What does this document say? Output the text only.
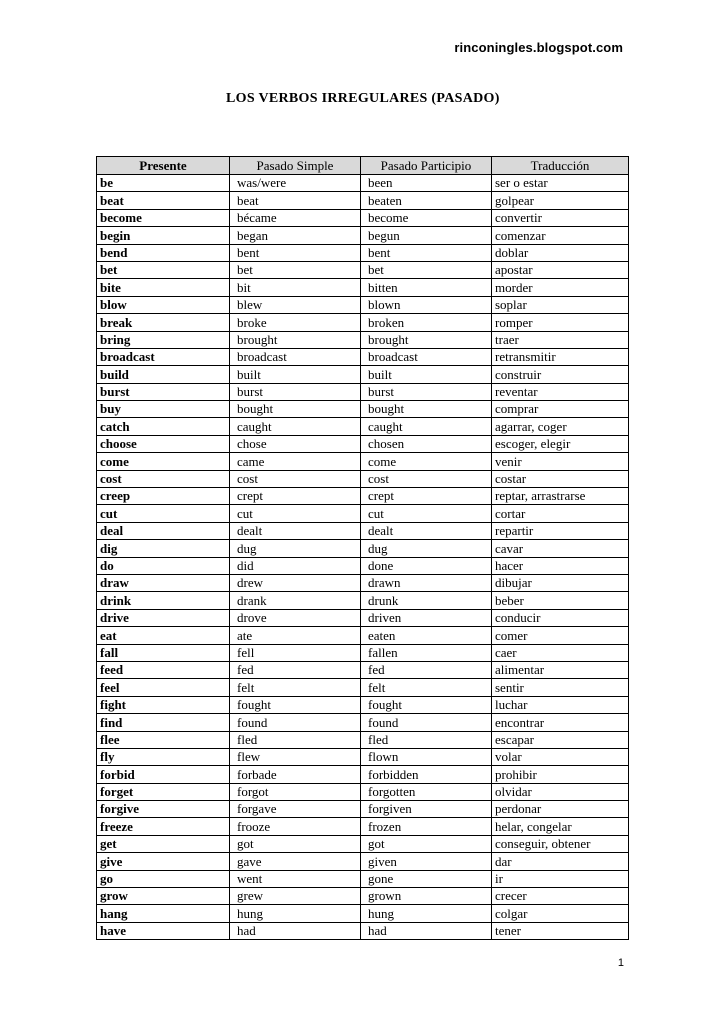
rinconingles.blogspot.com
LOS VERBOS IRREGULARES (PASADO)
Presente	Pasado Simple	Pasado Participio	Traducción
be	was/were	been	ser o estar
beat	beat	beaten	golpear
become	bécame	become	convertir
begin	began	begun	comenzar
bend	bent	bent	doblar
bet	bet	bet	apostar
bite	bit	bitten	morder
blow	blew	blown	soplar
break	broke	broken	romper
bring	brought	brought	traer
broadcast	broadcast	broadcast	retransmitir
build	built	built	construir
burst	burst	burst	reventar
buy	bought	bought	comprar
catch	caught	caught	agarrar, coger
choose	chose	chosen	escoger, elegir
come	came	come	venir
cost	cost	cost	costar
creep	crept	crept	reptar, arrastrarse
cut	cut	cut	cortar
deal	dealt	dealt	repartir
dig	dug	dug	cavar
do	did	done	hacer
draw	drew	drawn	dibujar
drink	drank	drunk	beber
drive	drove	driven	conducir
eat	ate	eaten	comer
fall	fell	fallen	caer
feed	fed	fed	alimentar
feel	felt	felt	sentir
fight	fought	fought	luchar
find	found	found	encontrar
flee	fled	fled	escapar
fly	flew	flown	volar
forbid	forbade	forbidden	prohibir
forget	forgot	forgotten	olvidar
forgive	forgave	forgiven	perdonar
freeze	frooze	frozen	helar, congelar
get	got	got	conseguir, obtener
give	gave	given	dar
go	went	gone	ir
grow	grew	grown	crecer
hang	hung	hung	colgar
have	had	had	tener
1
